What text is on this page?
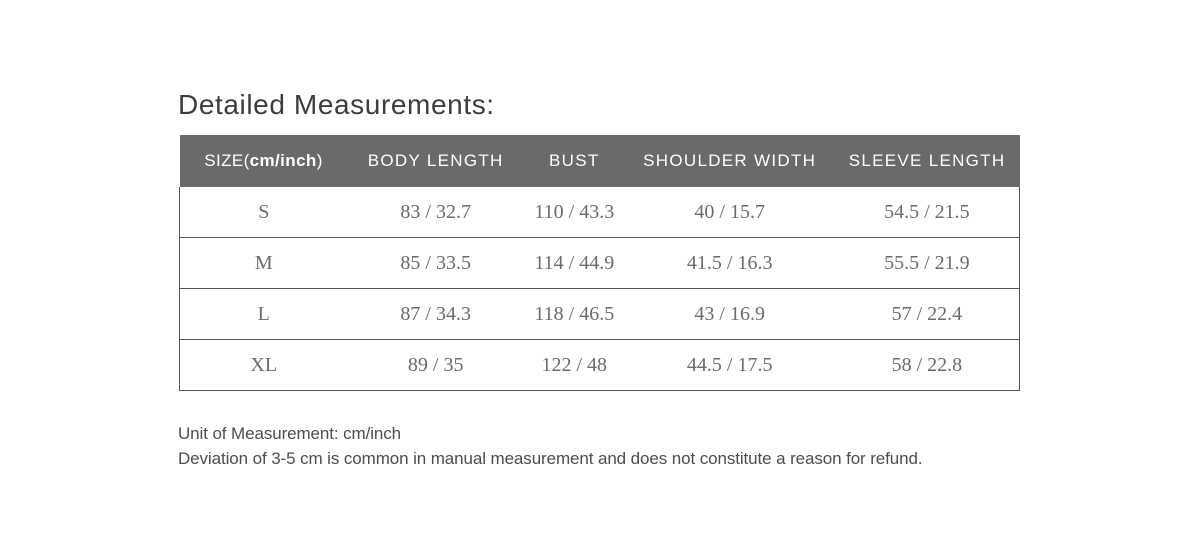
Detailed Measurements:
SIZE(cm/inch)	BODY LENGTH	BUST	SHOULDER WIDTH	SLEEVE LENGTH
S	83 / 32.7	110 / 43.3	40 / 15.7	54.5 / 21.5
M	85 / 33.5	114 / 44.9	41.5 / 16.3	55.5 / 21.9
L	87 / 34.3	118 / 46.5	43 / 16.9	57 / 22.4
XL	89 / 35	122 / 48	44.5 / 17.5	58 / 22.8
Unit of Measurement: cm/inch
Deviation of 3-5 cm is common in manual measurement and does not constitute a reason for refund.
